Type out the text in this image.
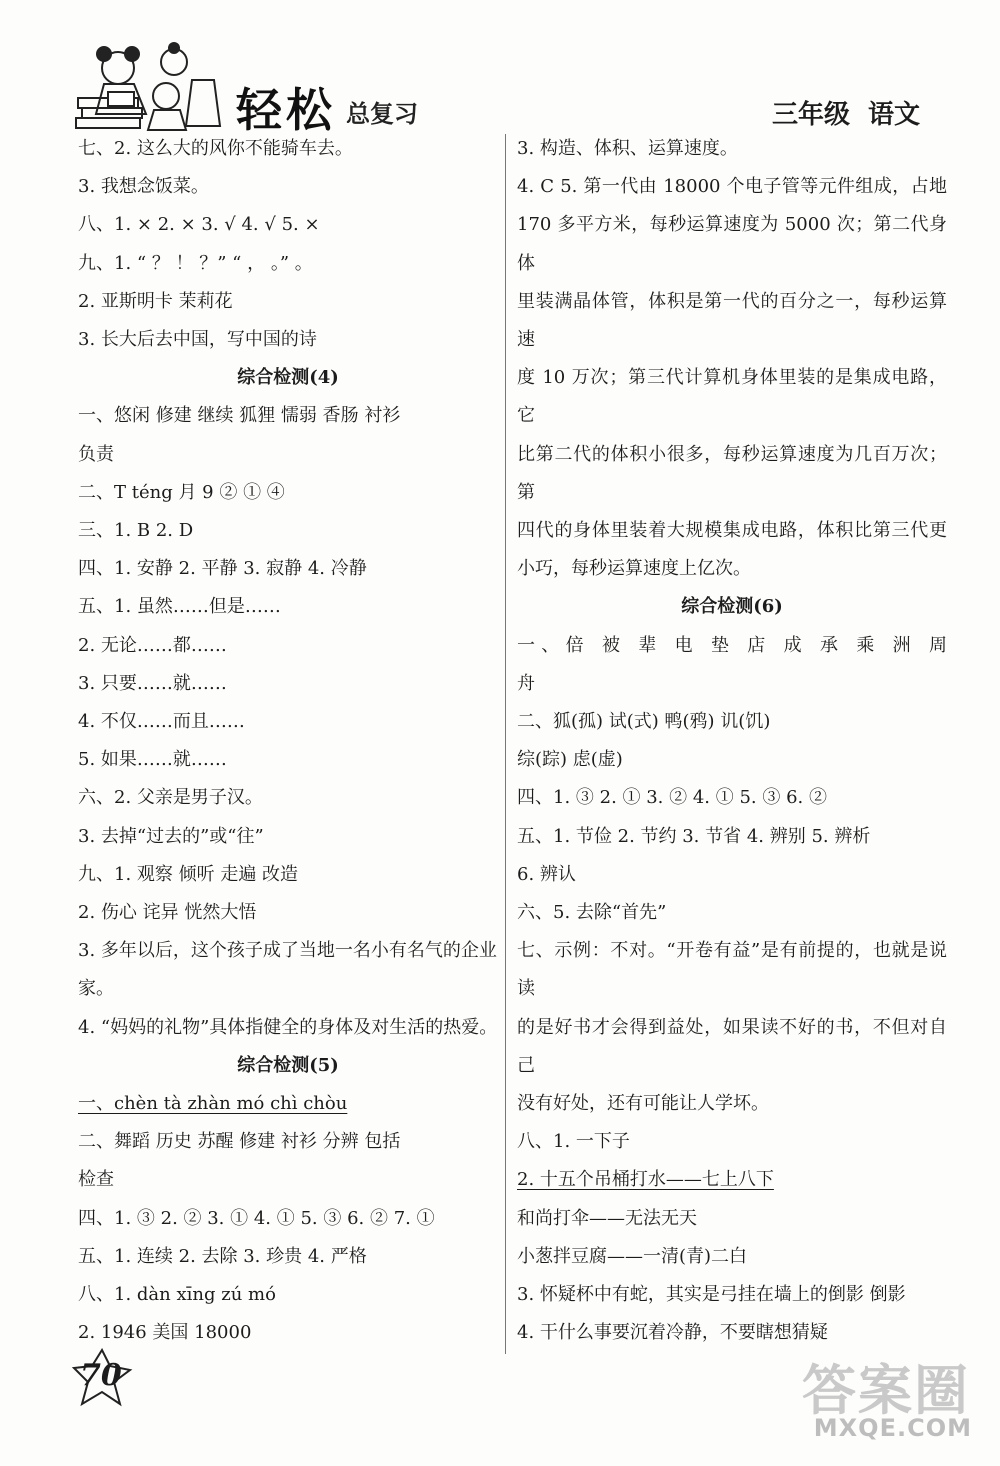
轻松 总复习	三年级 语文
七、2. 这么大的风你不能骑车去。
3. 我想念饭菜。
八、1. × 2. × 3. √ 4. √ 5. ×
九、1. “ ？ ！ ？” “ ， 。” 。
2. 亚斯明卡 茉莉花
3. 长大后去中国，写中国的诗
综合检测(4)
一、悠闲 修建 继续 狐狸 懦弱 香肠 衬衫
负责
二、T téng 月 9 ② ① ④
三、1. B 2. D
四、1. 安静 2. 平静 3. 寂静 4. 冷静
五、1. 虽然……但是……
2. 无论……都……
3. 只要……就……
4. 不仅……而且……
5. 如果……就……
六、2. 父亲是男子汉。
3. 去掉“过去的”或“往”
九、1. 观察 倾听 走遍 改造
2. 伤心 诧异 恍然大悟
3. 多年以后，这个孩子成了当地一名小有名气的企业
家。
4. “妈妈的礼物”具体指健全的身体及对生活的热爱。
综合检测(5)
一、chèn tà zhàn mó chì chòu
二、舞蹈 历史 苏醒 修建 衬衫 分辨 包括
检查
四、1. ③ 2. ② 3. ① 4. ① 5. ③ 6. ② 7. ①
五、1. 连续 2. 去除 3. 珍贵 4. 严格
八、1. dàn xīng zú mó
2. 1946 美国 18000
3. 构造、体积、运算速度。
4. C 5. 第一代由 18000 个电子管等元件组成，占地
170 多平方米，每秒运算速度为 5000 次；第二代身体
里装满晶体管，体积是第一代的百分之一，每秒运算速
度 10 万次；第三代计算机身体里装的是集成电路，它
比第二代的体积小很多，每秒运算速度为几百万次；第
四代的身体里装着大规模集成电路，体积比第三代更
小巧，每秒运算速度上亿次。
综合检测(6)
一、倍 被 辈 电 垫 店 成 承 乘 洲 周
舟
二、狐(孤) 试(式) 鸭(鸦) 讥(饥)
综(踪) 虑(虚)
四、1. ③ 2. ① 3. ② 4. ① 5. ③ 6. ②
五、1. 节俭 2. 节约 3. 节省 4. 辨别 5. 辨析
6. 辨认
六、5. 去除“首先”
七、示例：不对。“开卷有益”是有前提的，也就是说读
的是好书才会得到益处，如果读不好的书，不但对自己
没有好处，还有可能让人学坏。
八、1. 一下子
2. 十五个吊桶打水——七上八下
和尚打伞——无法无天
小葱拌豆腐——一清(青)二白
3. 怀疑杯中有蛇，其实是弓挂在墙上的倒影 倒影
4. 干什么事要沉着冷静，不要瞎想猜疑
70	答案圈
MXQE.COM
